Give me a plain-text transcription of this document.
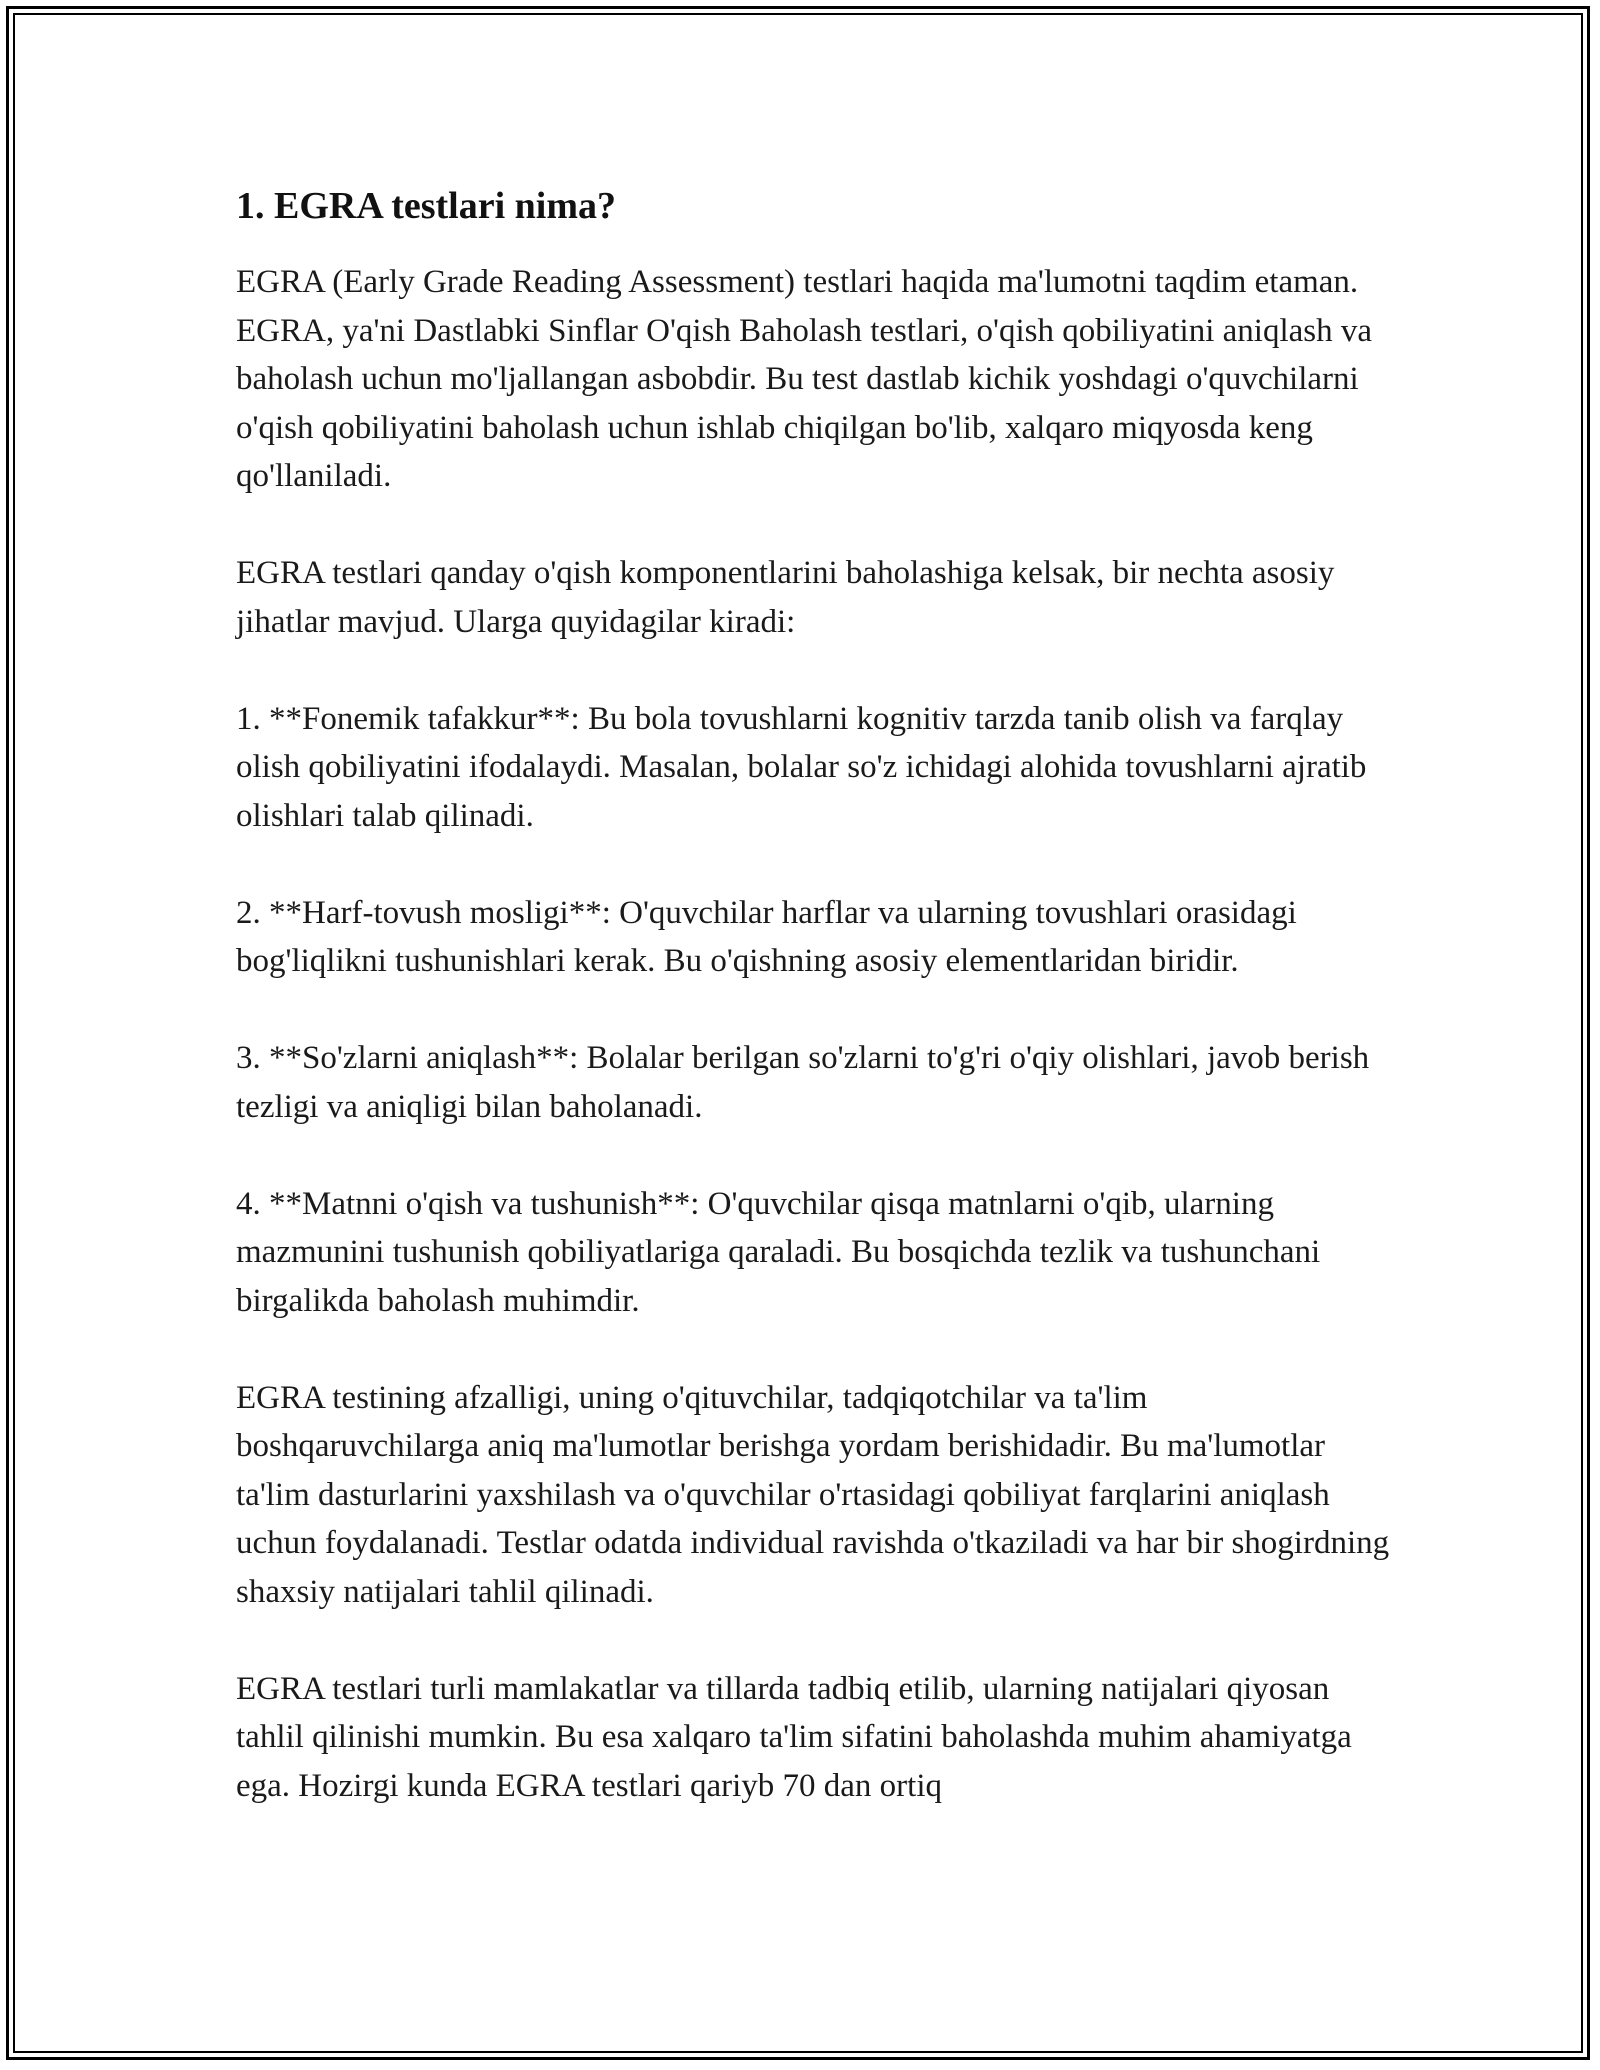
1. EGRA testlari nima?

EGRA (Early Grade Reading Assessment) testlari haqida ma'lumotni taqdim etaman. EGRA, ya'ni Dastlabki Sinflar O'qish Baholash testlari, o'qish qobiliyatini aniqlash va baholash uchun mo'ljallangan asbobdir. Bu test dastlab kichik yoshdagi o'quvchilarni o'qish qobiliyatini baholash uchun ishlab chiqilgan bo'lib, xalqaro miqyosda keng qo'llaniladi.

EGRA testlari qanday o'qish komponentlarini baholashiga kelsak, bir nechta asosiy jihatlar mavjud. Ularga quyidagilar kiradi:

1. **Fonemik tafakkur**: Bu bola tovushlarni kognitiv tarzda tanib olish va farqlay olish qobiliyatini ifodalaydi. Masalan, bolalar so'z ichidagi alohida tovushlarni ajratib olishlari talab qilinadi.

2. **Harf-tovush mosligi**: O'quvchilar harflar va ularning tovushlari orasidagi bog'liqlikni tushunishlari kerak. Bu o'qishning asosiy elementlaridan biridir.

3. **So'zlarni aniqlash**: Bolalar berilgan so'zlarni to'g'ri o'qiy olishlari, javob berish tezligi va aniqligi bilan baholanadi.

4. **Matnni o'qish va tushunish**: O'quvchilar qisqa matnlarni o'qib, ularning mazmunini tushunish qobiliyatlariga qaraladi. Bu bosqichda tezlik va tushunchani birgalikda baholash muhimdir.

EGRA testining afzalligi, uning o'qituvchilar, tadqiqotchilar va ta'lim boshqaruvchilarga aniq ma'lumotlar berishga yordam berishidadir. Bu ma'lumotlar ta'lim dasturlarini yaxshilash va o'quvchilar o'rtasidagi qobiliyat farqlarini aniqlash uchun foydalanadi. Testlar odatda individual ravishda o'tkaziladi va har bir shogirdning shaxsiy natijalari tahlil qilinadi.

EGRA testlari turli mamlakatlar va tillarda tadbiq etilib, ularning natijalari qiyosan tahlil qilinishi mumkin. Bu esa xalqaro ta'lim sifatini baholashda muhim ahamiyatga ega. Hozirgi kunda EGRA testlari qariyb 70 dan ortiq
